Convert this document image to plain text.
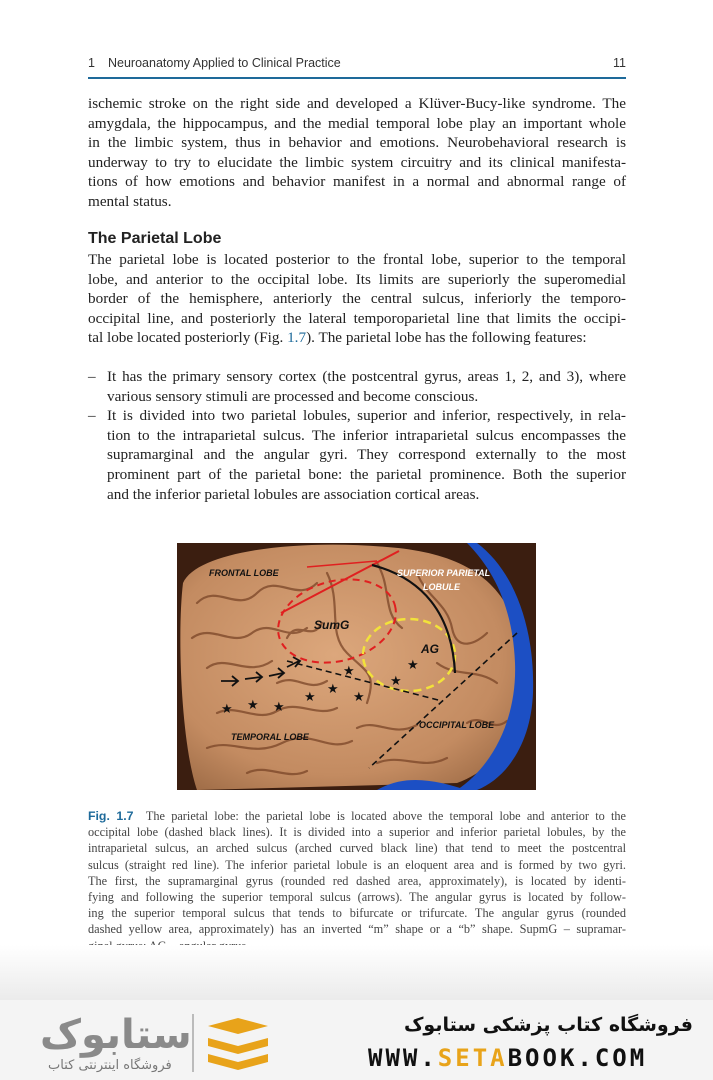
1 Neuroanatomy Applied to Clinical Practice	11
ischemic stroke on the right side and developed a Klüver-Bucy-like syndrome. The
amygdala, the hippocampus, and the medial temporal lobe play an important whole
in the limbic system, thus in behavior and emotions. Neurobehavioral research is
underway to try to elucidate the limbic system circuitry and its clinical manifesta-
tions of how emotions and behavior manifest in a normal and abnormal range of
mental status.
The Parietal Lobe
The parietal lobe is located posterior to the frontal lobe, superior to the temporal
lobe, and anterior to the occipital lobe. Its limits are superiorly the superomedial
border of the hemisphere, anteriorly the central sulcus, inferiorly the temporo-
occipital line, and posteriorly the lateral temporoparietal line that limits the occipi-
tal lobe located posteriorly (Fig. 1.7). The parietal lobe has the following features:
– It has the primary sensory cortex (the postcentral gyrus, areas 1, 2, and 3), where
various sensory stimuli are processed and become conscious.
– It is divided into two parietal lobules, superior and inferior, respectively, in rela-
tion to the intraparietal sulcus. The inferior intraparietal sulcus encompasses the
supramarginal and the angular gyri. They correspond externally to the most
prominent part of the parietal bone: the parietal prominence. Both the superior
and the inferior parietal lobules are association cortical areas.
★ ★ ★
★
★
★
★
★
★
FRONTAL LOBE	SUPERIOR PARIETAL
LOBULE
SumG
AG
TEMPORAL LOBE
OCCIPITAL LOBE
Fig. 1.7 The parietal lobe: the parietal lobe is located above the temporal lobe and anterior to the
occipital lobe (dashed black lines). It is divided into a superior and inferior parietal lobules, by the
intraparietal sulcus, an arched sulcus (arched curved black line) that tend to meet the postcentral
sulcus (straight red line). The inferior parietal lobule is an eloquent area and is formed by two gyri.
The first, the supramarginal gyrus (rounded red dashed area, approximately), is located by identi-
fying and following the superior temporal sulcus (arrows). The angular gyrus is located by follow-
ing the superior temporal sulcus that tends to bifurcate or trifurcate. The angular gyrus (rounded
dashed yellow area, approximately) has an inverted “m” shape or a “b” shape. SupmG – supramar-
ستابوک
فروشگاه اینترنتی کتاب
فروشگاه کتاب پزشکی ستابوک
WWW.SETABOOK.COM
